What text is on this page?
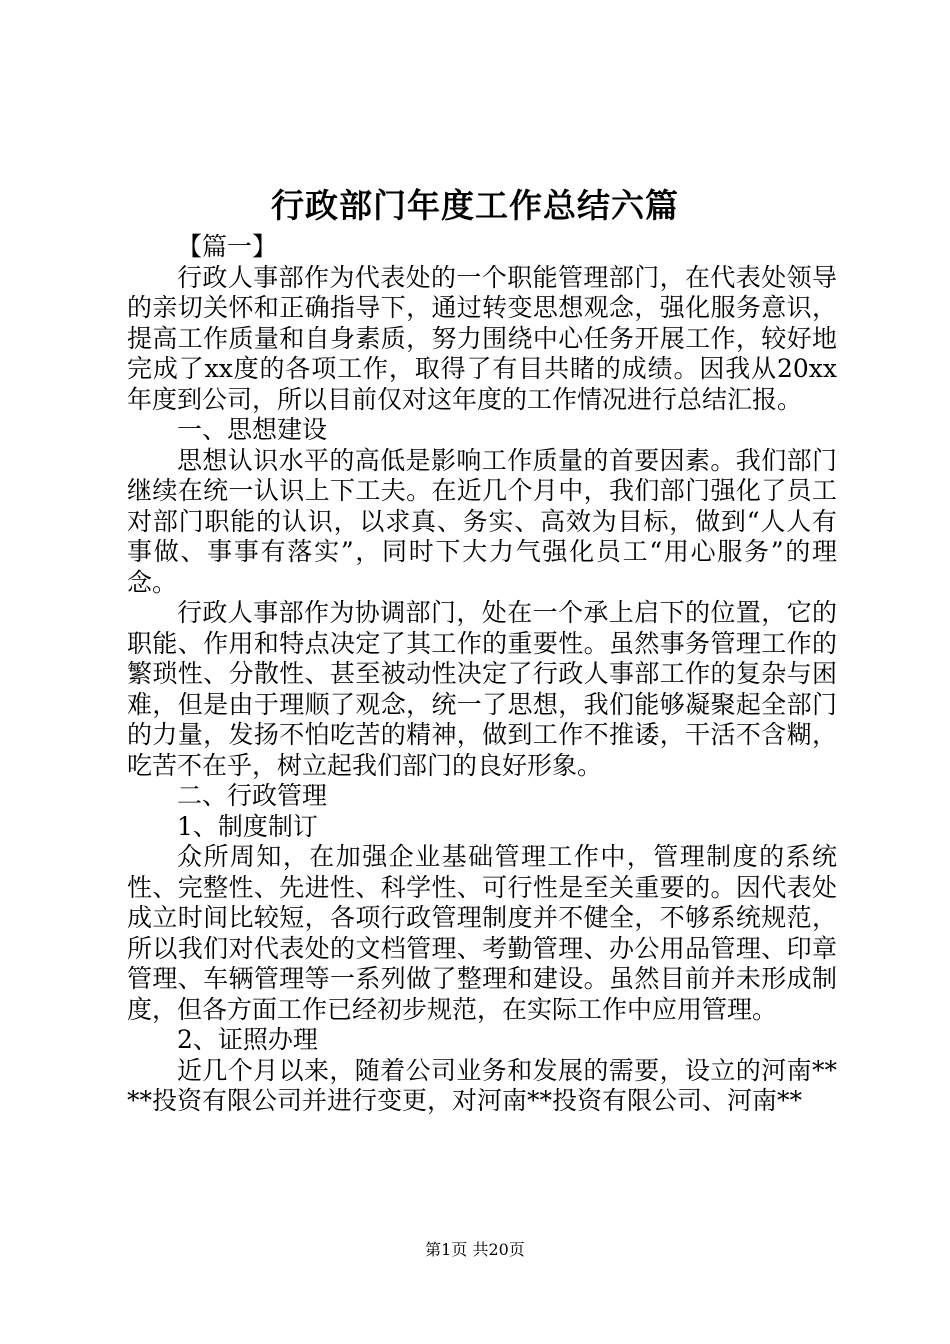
行政部门年度工作总结六篇

【篇一】

行政人事部作为代表处的一个职能管理部门，在代表处领导的亲切关怀和正确指导下，通过转变思想观念，强化服务意识，提高工作质量和自身素质，努力围绕中心任务开展工作，较好地完成了xx度的各项工作，取得了有目共睹的成绩。因我从20xx年度到公司，所以目前仅对这年度的工作情况进行总结汇报。

一、思想建设

思想认识水平的高低是影响工作质量的首要因素。我们部门继续在统一认识上下工夫。在近几个月中，我们部门强化了员工对部门职能的认识，以求真、务实、高效为目标，做到“人人有事做、事事有落实”，同时下大力气强化员工“用心服务”的理念。

行政人事部作为协调部门，处在一个承上启下的位置，它的职能、作用和特点决定了其工作的重要性。虽然事务管理工作的繁琐性、分散性、甚至被动性决定了行政人事部工作的复杂与困难，但是由于理顺了观念，统一了思想，我们能够凝聚起全部门的力量，发扬不怕吃苦的精神，做到工作不推诿，干活不含糊，吃苦不在乎，树立起我们部门的良好形象。

二、行政管理

1、制度制订

众所周知，在加强企业基础管理工作中，管理制度的系统性、完整性、先进性、科学性、可行性是至关重要的。因代表处成立时间比较短，各项行政管理制度并不健全，不够系统规范，所以我们对代表处的文档管理、考勤管理、办公用品管理、印章管理、车辆管理等一系列做了整理和建设。虽然目前并未形成制度，但各方面工作已经初步规范，在实际工作中应用管理。

2、证照办理

近几个月以来，随着公司业务和发展的需要，设立的河南****投资有限公司并进行变更，对河南**投资有限公司、河南**

第1页 共20页
